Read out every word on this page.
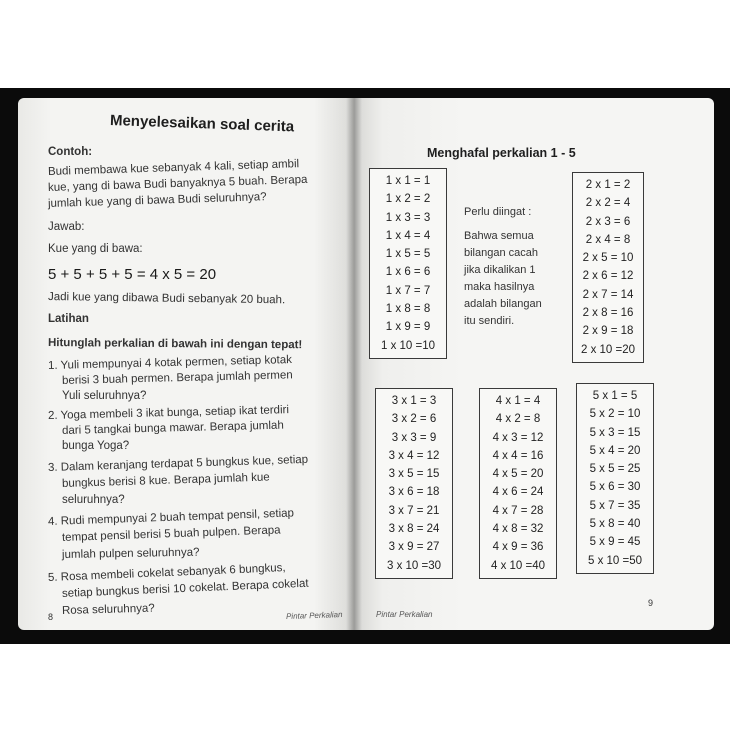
Menyelesaikan soal cerita
Contoh:
Budi membawa kue sebanyak 4 kali, setiap ambil
kue, yang di bawa Budi banyaknya 5 buah. Berapa
jumlah kue yang di bawa Budi seluruhnya?
Jawab:
Kue yang di bawa:
5 + 5 + 5 + 5 = 4 x 5 = 20
Jadi kue yang dibawa Budi sebanyak 20 buah.
Latihan
Hitunglah perkalian di bawah ini dengan tepat!
1. Yuli mempunyai 4 kotak permen, setiap kotak
berisi 3 buah permen. Berapa jumlah permen
Yuli seluruhnya?
2. Yoga membeli 3 ikat bunga, setiap ikat terdiri
dari 5 tangkai bunga mawar. Berapa jumlah
bunga Yoga?
3. Dalam keranjang terdapat 5 bungkus kue, setiap
bungkus berisi 8 kue. Berapa jumlah kue
seluruhnya?
4. Rudi mempunyai 2 buah tempat pensil, setiap
tempat pensil berisi 5 buah pulpen. Berapa
jumlah pulpen seluruhnya?
5. Rosa membeli cokelat sebanyak 6 bungkus,
setiap bungkus berisi 10 cokelat. Berapa cokelat
Rosa seluruhnya?
8	Pintar Perkalian
Menghafal perkalian 1 - 5
1 x 1 = 1
1 x 2 = 2
1 x 3 = 3
1 x 4 = 4
1 x 5 = 5
1 x 6 = 6
1 x 7 = 7
1 x 8 = 8
1 x 9 = 9
1 x 10 =10
Perlu diingat :
Bahwa semua
bilangan cacah
jika dikalikan 1
maka hasilnya
adalah bilangan
itu sendiri.
2 x 1 = 2
2 x 2 = 4
2 x 3 = 6
2 x 4 = 8
2 x 5 = 10
2 x 6 = 12
2 x 7 = 14
2 x 8 = 16
2 x 9 = 18
2 x 10 =20
3 x 1 = 3
3 x 2 = 6
3 x 3 = 9
3 x 4 = 12
3 x 5 = 15
3 x 6 = 18
3 x 7 = 21
3 x 8 = 24
3 x 9 = 27
3 x 10 =30
4 x 1 = 4
4 x 2 = 8
4 x 3 = 12
4 x 4 = 16
4 x 5 = 20
4 x 6 = 24
4 x 7 = 28
4 x 8 = 32
4 x 9 = 36
4 x 10 =40
5 x 1 = 5
5 x 2 = 10
5 x 3 = 15
5 x 4 = 20
5 x 5 = 25
5 x 6 = 30
5 x 7 = 35
5 x 8 = 40
5 x 9 = 45
5 x 10 =50
9
Pintar Perkalian
